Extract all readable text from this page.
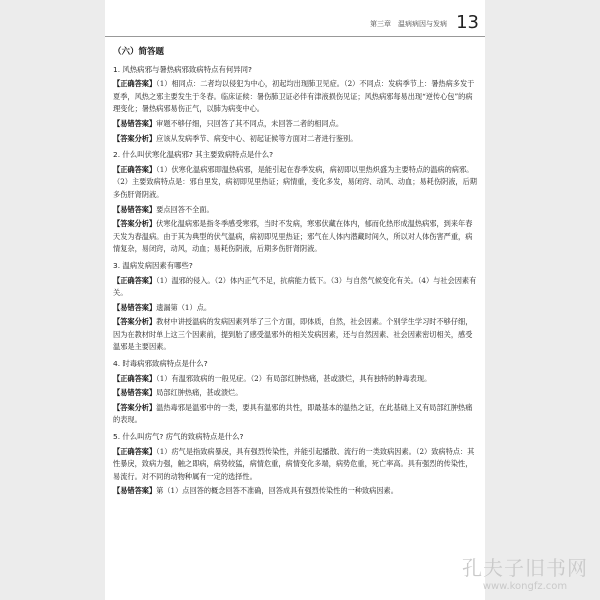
第三章　温病病因与发病 13
（六）简答题
1. 风热病邪与暑热病邪致病特点有何异同?
【正确答案】（1）相同点：二者均以侵犯为中心，初起均出现肺卫见症。（2）不同点：发病季节上：暑热病多发于夏季，风热之邪主要发生于冬春。临床证候：暑伤肺卫证必伴有津液损伤见证；风热病邪每易出现“逆传心包”的病理变化；暑热病邪易伤正气，以肺为病变中心。
【易错答案】审题不够仔细，只回答了其不同点，未回答二者的相同点。
【答案分析】应该从发病季节、病变中心、初起证候等方面对二者进行鉴别。
2. 什么叫伏寒化温病邪? 其主要致病特点是什么?
【正确答案】（1）伏寒化温病邪即温热病邪，是能引起在春季发病，病初即以里热炽盛为主要特点的温病的病邪。（2）主要致病特点是：邪自里发，病初即见里热证；病情重，变化多发，易闭窍、动风、动血；易耗伤阴液，后期多伤肝肾阴液。
【易错答案】要点回答不全面。
【答案分析】伏寒化温病邪是指冬季感受寒邪，当时不发病，寒邪伏藏在体内，郁而化热形成温热病邪，到来年春天发为春温病。由于其为典型的伏气温病，病初即见里热证；邪气在人体内潜藏时间久，所以对人体伤害严重，病情复杂，易闭窍，动风，动血；易耗伤阴液，后期多伤肝肾阴液。
3. 温病发病因素有哪些?
【正确答案】（1）温邪的侵入。（2）体内正气不足，抗病能力低下。（3）与自然气候变化有关。（4）与社会因素有关。
【易错答案】遗漏第（1）点。
【答案分析】教材中讲授温病的发病因素列举了三个方面，即体质，自然，社会因素。个别学生学习时不够仔细，因为在教材时单上这三个因素前，提到胎了感受温邪外的相关发病因素，还与自然因素、社会因素密切相关，感受温邪是主要因素。
4. 时毒病邪致病特点是什么?
【正确答案】（1）有温邪致病的一般见症。（2）有局部红肿热痛，甚或溃烂，具有独特的肿毒表现。
【易错答案】局部红肿热痛，甚或溃烂。
【答案分析】温热毒邪是温邪中的一类，要具有温邪的共性，即最基本的温热之证，在此基础上又有局部红肿热痛的表现。
5. 什么叫疠气? 疠气的致病特点是什么?
【正确答案】（1）疠气是指致病暴戾，具有强烈传染性，并能引起播散、流行的一类致病因素。（2）致病特点：其性暴戾，致病力强，触之即病，病势较猛，病情危重，病情变化多端，病势危重，死亡率高。具有强烈的传染性，易流行。对不同的动物种属有一定的选择性。
【易错答案】第（1）点回答的概念回答不准确，回答成具有强烈传染性的一种致病因素。
孔夫子旧书网
www.kongfz.com
